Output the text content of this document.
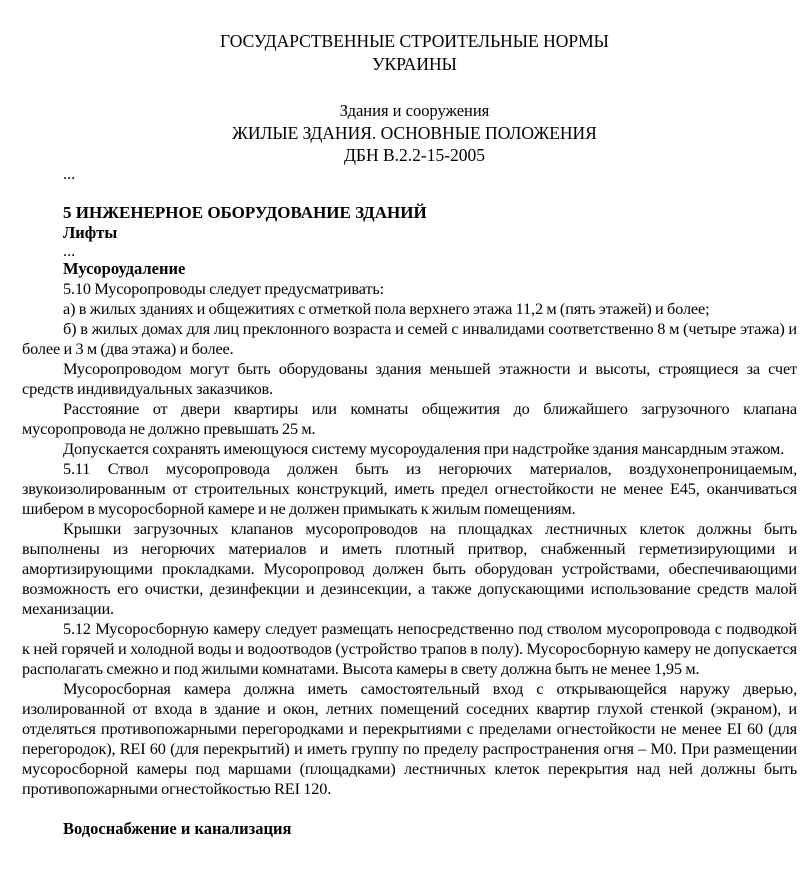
ГОСУДАРСТВЕННЫЕ СТРОИТЕЛЬНЫЕ НОРМЫ
УКРАИНЫ
Здания и сооружения
ЖИЛЫЕ ЗДАНИЯ. ОСНОВНЫЕ ПОЛОЖЕНИЯ
ДБН В.2.2-15-2005
...
5 ИНЖЕНЕРНОЕ ОБОРУДОВАНИЕ ЗДАНИЙ
Лифты
...
Мусороудаление

5.10 Мусоропроводы следует предусматривать:

а) в жилых зданиях и общежитиях с отметкой пола верхнего этажа 11,2 м (пять этажей) и более;

б) в жилых домах для лиц преклонного возраста и семей с инвалидами соответственно 8 м (четыре этажа) и более и 3 м (два этажа) и более.

Мусоропроводом могут быть оборудованы здания меньшей этажности и высоты, строящиеся за счет средств индивидуальных заказчиков.

Расстояние от двери квартиры или комнаты общежития до ближайшего загрузочного клапана мусоропровода не должно превышать 25 м.

Допускается сохранять имеющуюся систему мусороудаления при надстройке здания мансардным этажом.

5.11 Ствол мусоропровода должен быть из негорючих материалов, воздухонепроницаемым, звукоизолированным от строительных конструкций, иметь предел огнестойкости не менее Е45, оканчиваться шибером в мусоросборной камере и не должен примыкать к жилым помещениям.

Крышки загрузочных клапанов мусоропроводов на площадках лестничных клеток должны быть выполнены из негорючих материалов и иметь плотный притвор, снабженный герметизирующими и амортизирующими прокладками. Мусоропровод должен быть оборудован устройствами, обеспечивающими возможность его очистки, дезинфекции и дезинсекции, а также допускающими использование средств малой механизации.

5.12 Мусоросборную камеру следует размещать непосредственно под стволом мусоропровода с подводкой к ней горячей и холодной воды и водоотводов (устройство трапов в полу). Мусоросборную камеру не допускается располагать смежно и под жилыми комнатами. Высота камеры в свету должна быть не менее 1,95 м.

Мусоросборная камера должна иметь самостоятельный вход с открывающейся наружу дверью, изолированной от входа в здание и окон, летних помещений соседних квартир глухой стенкой (экраном), и отделяться противопожарными перегородками и перекрытиями с пределами огнестойкости не менее EI 60 (для перегородок), REI 60 (для перекрытий) и иметь группу по пределу распространения огня – М0. При размещении мусоросборной камеры под маршами (площадками) лестничных клеток перекрытия над ней должны быть противопожарными огнестойкостью REI 120.

Водоснабжение и канализация
